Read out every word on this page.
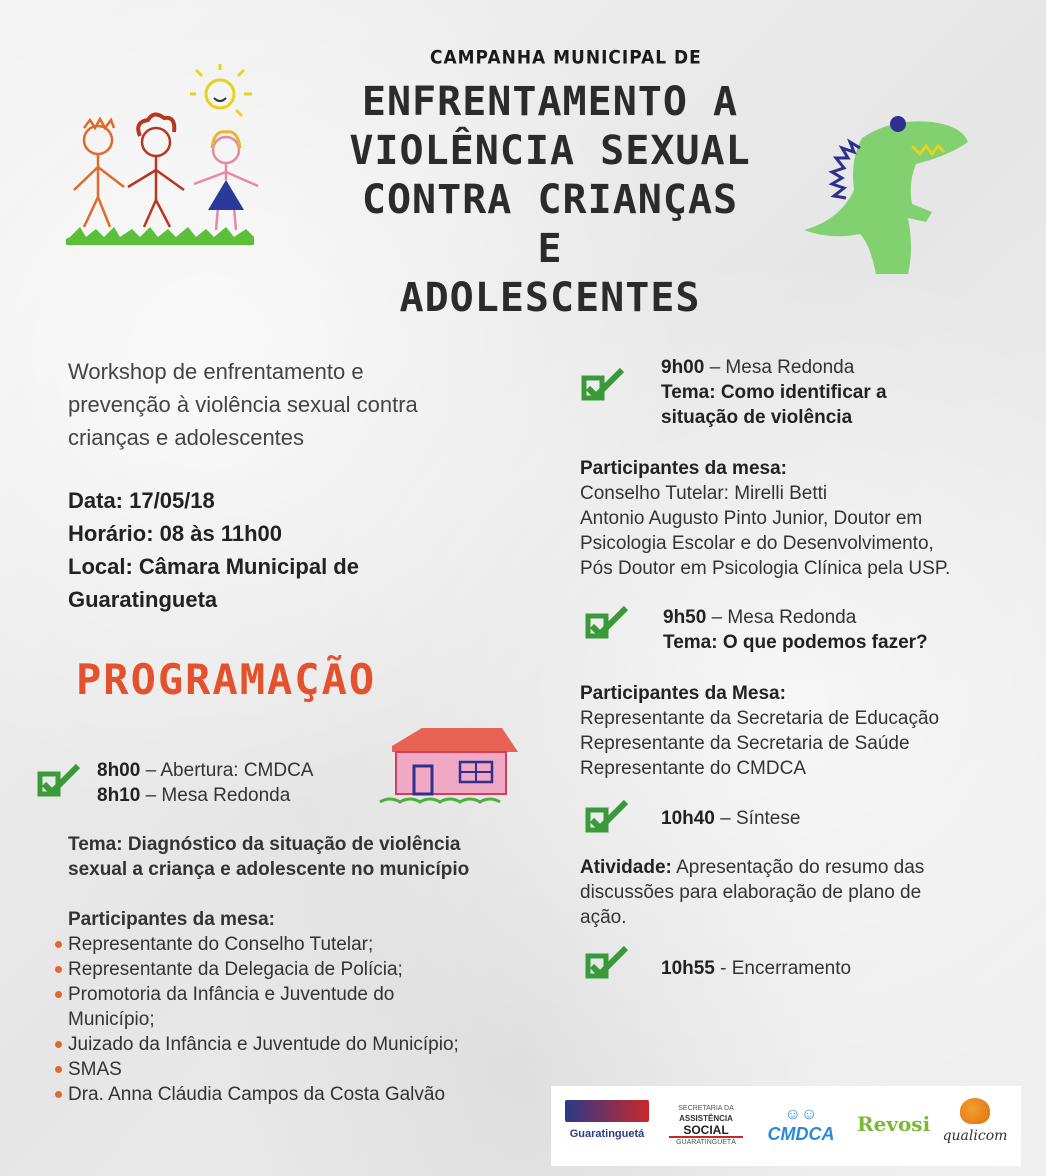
CAMPANHA MUNICIPAL DE
ENFRENTAMENTO A
VIOLÊNCIA SEXUAL
CONTRA CRIANÇAS E
ADOLESCENTES
Workshop de enfrentamento e prevenção à violência sexual contra crianças e adolescentes
Data: 17/05/18
Horário: 08 às 11h00
Local: Câmara Municipal de
Guaratingueta
PROGRAMAÇÃO
8h00 – Abertura: CMDCA
8h10 – Mesa Redonda
Tema: Diagnóstico da situação de violência
sexual a criança e adolescente no município
Participantes da mesa:
Representante do Conselho Tutelar;
Representante da Delegacia de Polícia;
Promotoria da Infância e Juventude do
Município;
Juizado da Infância e Juventude do Município;
SMAS
Dra. Anna Cláudia Campos da Costa Galvão
9h00 – Mesa Redonda
Tema: Como identificar a
situação de violência
Participantes da mesa:
Conselho Tutelar: Mirelli Betti
Antonio Augusto Pinto Junior, Doutor em
Psicologia Escolar e do Desenvolvimento,
Pós Doutor em Psicologia Clínica pela USP.
9h50 – Mesa Redonda
Tema: O que podemos fazer?
Participantes da Mesa:
Representante da Secretaria de Educação
Representante da Secretaria de Saúde
Representante do CMDCA
10h40 – Síntese
Atividade: Apresentação do resumo das
discussões para elaboração de plano de
ação.
10h55 - Encerramento
Guaratinguetá
SECRETARIA DA
ASSISTÊNCIA
SOCIAL
GUARATINGUETÁ
☺☺
CMDCA	Revosi qualicom
